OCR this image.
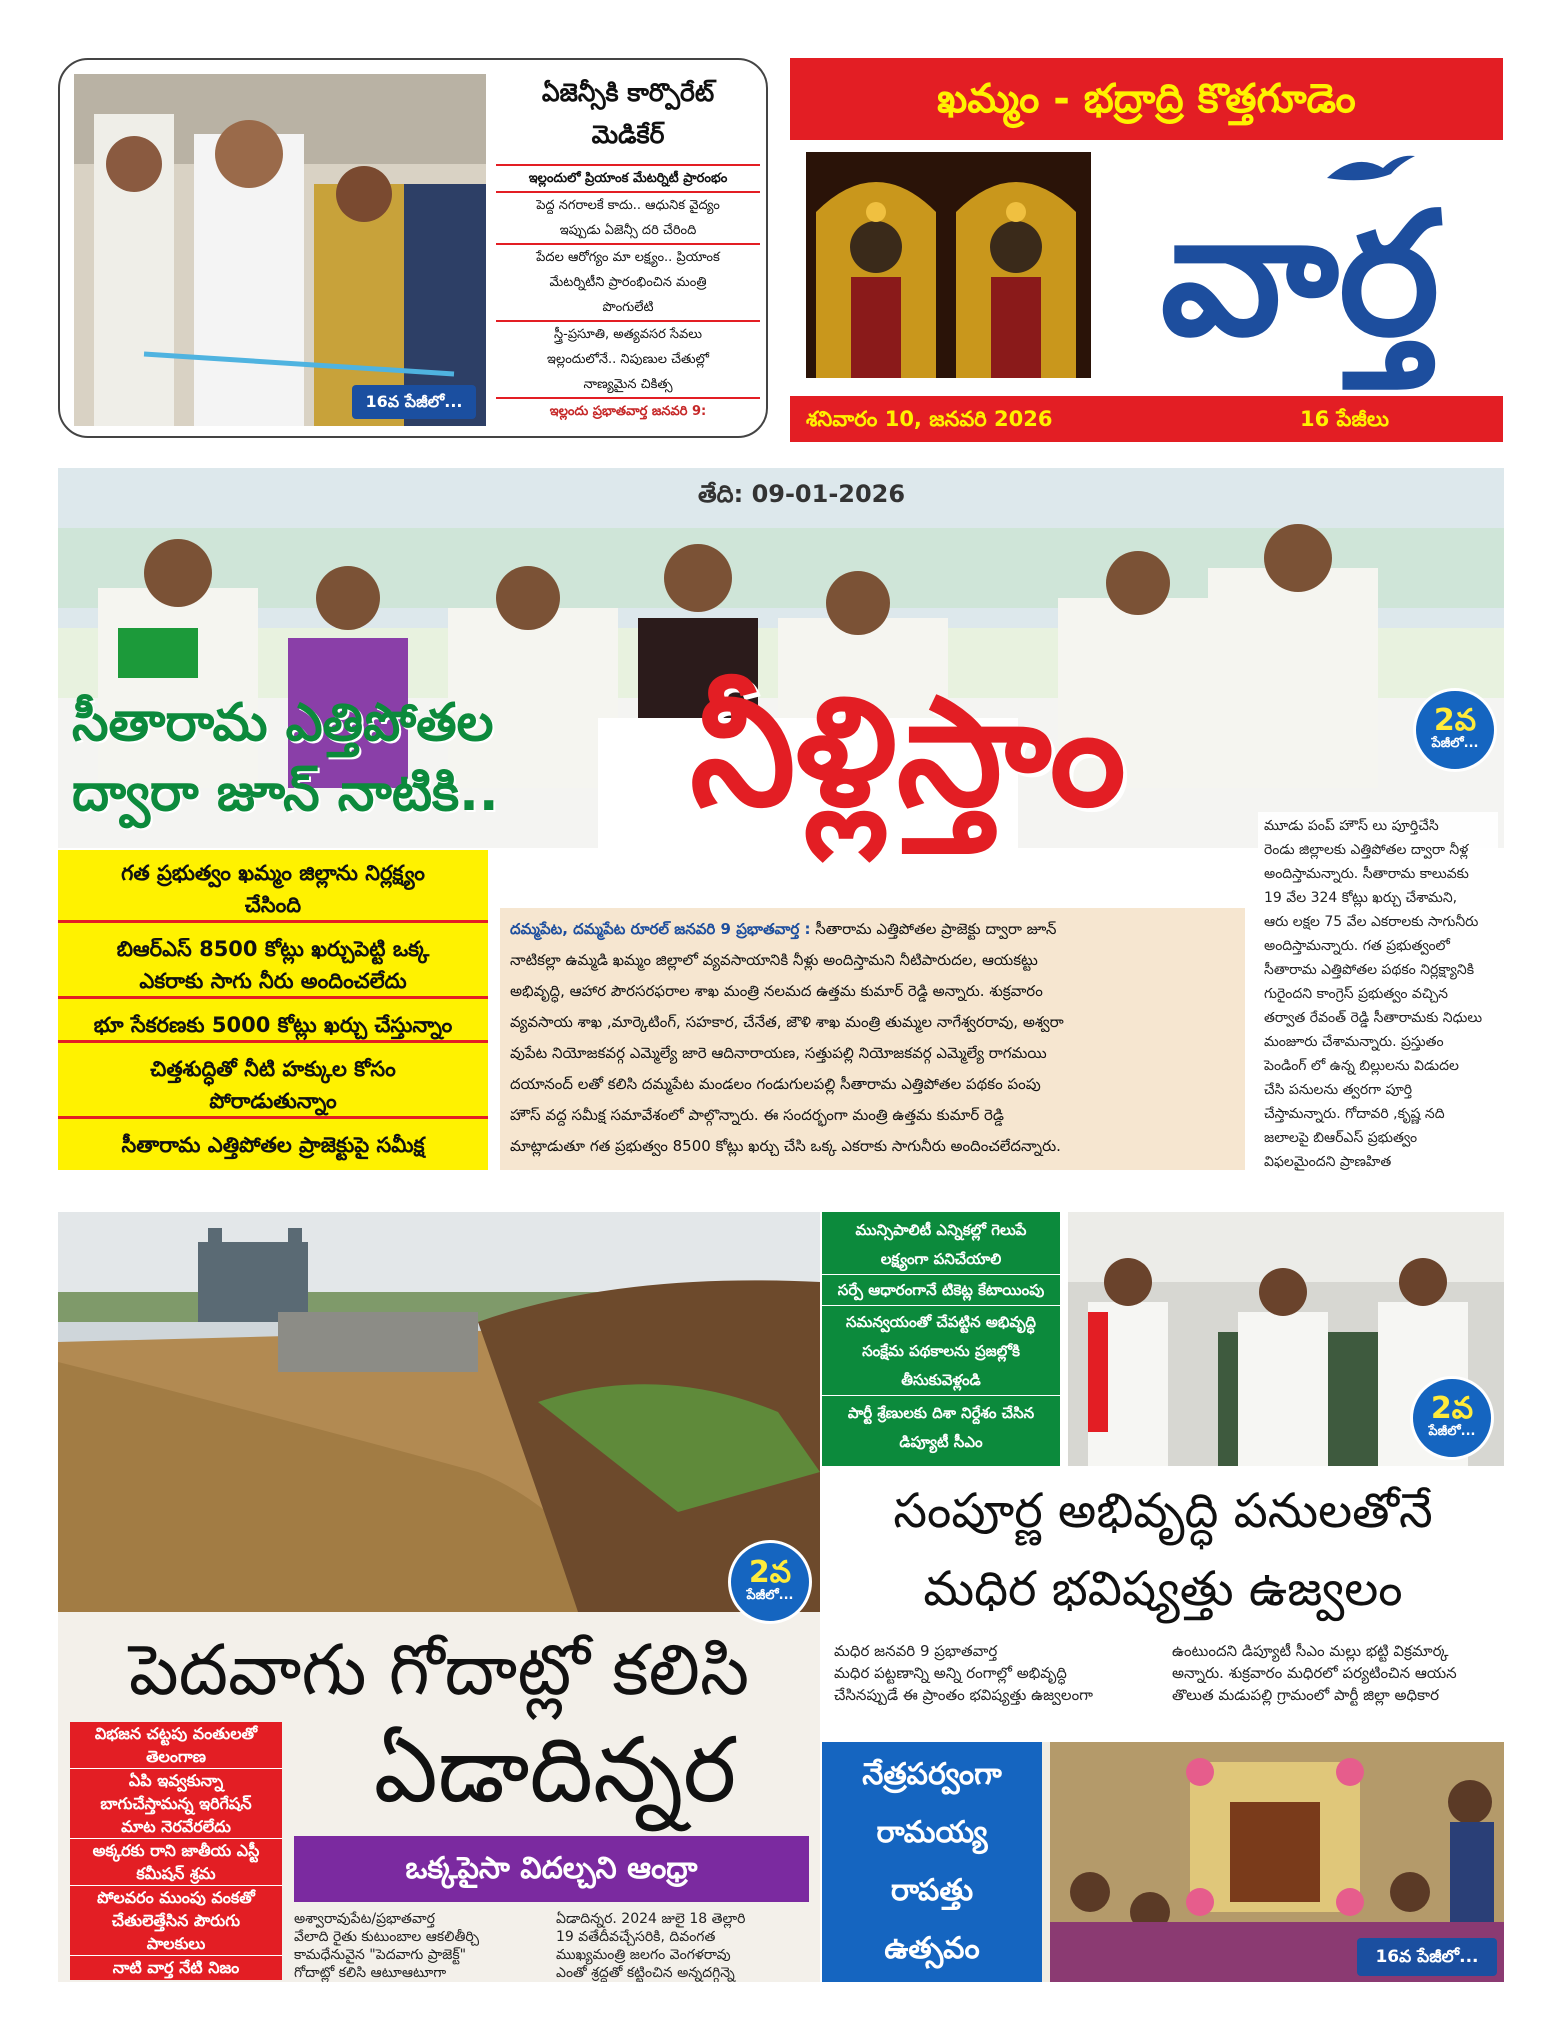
16వ పేజీలో...
ఏజెన్సీకి కార్పొరేట్
మెడికేర్
ఇల్లందులో ప్రియాంక మేటర్నిటీ ప్రారంభం
పెద్ద నగరాలకే కాదు.. ఆధునిక వైద్యం
ఇప్పుడు ఏజెన్సీ దరి చేరింది
పేదల ఆరోగ్యం మా లక్ష్యం.. ప్రియాంక
మేటర్నిటీని ప్రారంభించిన మంత్రి
పొంగులేటి
స్త్రీ-ప్రసూతి, అత్యవసర సేవలు
ఇల్లందులోనే.. నిపుణుల చేతుల్లో
నాణ్యమైన చికిత్స
ఇల్లందు ప్రభాతవార్త జనవరి 9:
ఖమ్మం - భద్రాద్రి కొత్తగూడెం
వార్త
శనివారం 10, జనవరి 2026	16 పేజీలు
తేది: 09-01-2026
సీతారామ ఎత్తిపోతల
ద్వారా జూన్ నాటికి..	నీళ్లిస్తాం	2వ
పేజీలో...
గత ప్రభుత్వం ఖమ్మం జిల్లాను నిర్లక్ష్యం
చేసింది
బిఆర్ఎస్ 8500 కోట్లు ఖర్చుపెట్టి ఒక్క
ఎకరాకు సాగు నీరు అందించలేదు
భూ సేకరణకు 5000 కోట్లు ఖర్చు చేస్తున్నాం
చిత్తశుద్ధితో నీటి హక్కుల కోసం
పోరాడుతున్నాం
సీతారామ ఎత్తిపోతల ప్రాజెక్టుపై సమీక్ష
దమ్మపేట, దమ్మపేట రూరల్ జనవరి 9 ప్రభాతవార్త : సీతారామ ఎత్తిపోతల ప్రాజెక్టు ద్వారా జూన్
నాటికల్లా ఉమ్మడి ఖమ్మం జిల్లాలో వ్యవసాయానికి నీళ్లు అందిస్తామని నీటిపారుదల, ఆయకట్టు
అభివృద్ధి, ఆహార పౌరసరఫరాల శాఖ మంత్రి నలమద ఉత్తమ కుమార్ రెడ్డి అన్నారు. శుక్రవారం
వ్యవసాయ శాఖ ,మార్కెటింగ్, సహకార, చేనేత, జౌళి శాఖ మంత్రి తుమ్మల నాగేశ్వరరావు, అశ్వరా
వుపేట నియోజకవర్గ ఎమ్మెల్యే జారె ఆదినారాయణ, సత్తుపల్లి నియోజకవర్గ ఎమ్మెల్యే రాగమయి
దయానంద్ లతో కలిసి దమ్మపేట మండలం గండుగులపల్లి సీతారామ ఎత్తిపోతల పథకం పంపు
హౌస్ వద్ద సమీక్ష సమావేశంలో పాల్గొన్నారు. ఈ సందర్భంగా మంత్రి ఉత్తమ కుమార్ రెడ్డి
మాట్లాడుతూ గత ప్రభుత్వం 8500 కోట్లు ఖర్చు చేసి ఒక్క ఎకరాకు సాగునీరు అందించలేదన్నారు.
మూడు పంప్ హౌస్ లు పూర్తిచేసి
రెండు జిల్లాలకు ఎత్తిపోతల ద్వారా నీళ్ల
అందిస్తామన్నారు. సీతారామ కాలువకు
19 వేల 324 కోట్లు ఖర్చు చేశామని,
ఆరు లక్షల 75 వేల ఎకరాలకు సాగునీరు
అందిస్తామన్నారు. గత ప్రభుత్వంలో
సీతారామ ఎత్తిపోతల పథకం నిర్లక్ష్యానికి
గురైందని కాంగ్రెస్ ప్రభుత్వం వచ్చిన
తర్వాత రేవంత్ రెడ్డి సీతారామకు నిధులు
మంజూరు చేశామన్నారు. ప్రస్తుతం
పెండింగ్ లో ఉన్న బిల్లులను విడుదల
చేసి పనులను త్వరగా పూర్తి
చేస్తామన్నారు. గోదావరి ,కృష్ణ నది
జలాలపై బిఆర్ఎస్ ప్రభుత్వం
విఫలమైందని ప్రాణహిత
2వ
పేజీలో...
పెదవాగు గోదాట్లో కలిసి
విభజన చట్టపు వంతులతో
తెలంగాణ
ఏపి ఇవ్వకున్నా
బాగుచేస్తామన్న ఇరిగేషన్
మాట నెరవేరలేదు
అక్కరకు రాని జాతీయ ఎస్టీ
కమీషన్ శ్రమ
పోలవరం ముంపు వంకతో
చేతులెత్తేసిన పౌరుగు
పాలకులు
నాటి వార్త నేటి నిజం
ఏడాదిన్నర
ఒక్కపైసా విదల్చని ఆంధ్రా
అశ్వారావుపేట/ప్రభాతవార్త
వేలాది రైతు కుటుంబాల ఆకలితీర్చి
కామధేనువైన "పెదవాగు ప్రాజెక్ట్"
గోదాట్లో కలిసి ఆటూఆటూగా
ఏడాదిన్నర. 2024 జులై 18 తెల్లారి
19 వతేదీవచ్చేసరికి, దివంగత
ముఖ్యమంత్రి జలగం వెంగళరావు
ఎంతో శ్రద్ధతో కట్టించిన అన్నదగ్గిన్నె
మున్సిపాలిటీ ఎన్నికల్లో గెలుపే
లక్ష్యంగా పనిచేయాలి
సర్పే ఆధారంగానే టికెట్ల కేటాయింపు
సమన్వయంతో చేపట్టిన అభివృద్ధి
సంక్షేమ పథకాలను ప్రజల్లోకి
తీసుకువెళ్లండి
పార్టీ శ్రేణులకు దిశా నిర్దేశం చేసిన
డిప్యూటీ సీఎం
2వ
పేజీలో...
సంపూర్ణ అభివృద్ధి పనులతోనే
మధిర భవిష్యత్తు ఉజ్వలం
మధిర జనవరి 9 ప్రభాతవార్త
మధిర పట్టణాన్ని అన్ని రంగాల్లో అభివృద్ధి
చేసినప్పుడే ఈ ప్రాంతం భవిష్యత్తు ఉజ్వలంగా
ఉంటుందని డిప్యూటీ సీఎం మల్లు భట్టి విక్రమార్క
అన్నారు. శుక్రవారం మధిరలో పర్యటించిన ఆయన
తొలుత మడుపల్లి గ్రామంలో పార్టీ జిల్లా అధికార
నేత్రపర్వంగా
రామయ్య
రాపత్తు
ఉత్సవం	16వ పేజీలో...
